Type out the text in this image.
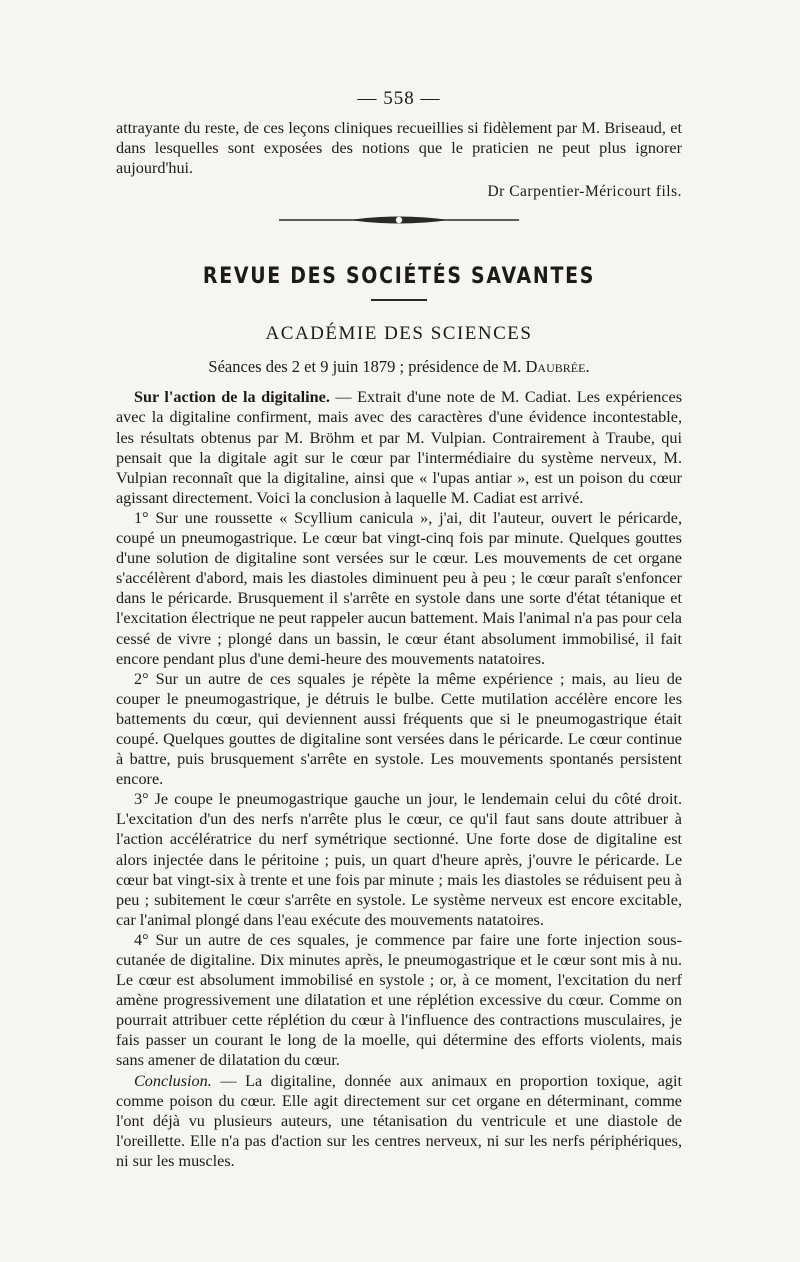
— 558 —

attrayante du reste, de ces leçons cliniques recueillies si fidèlement par M. Briseaud, et dans lesquelles sont exposées des notions que le praticien ne peut plus ignorer aujourd'hui.

Dr Carpentier-Méricourt fils.

REVUE DES SOCIÉTÉS SAVANTES
ACADÉMIE DES SCIENCES
Séances des 2 et 9 juin 1879 ; présidence de M. Daubrée.

Sur l'action de la digitaline. — Extrait d'une note de M. Cadiat. Les expériences avec la digitaline confirment, mais avec des caractères d'une évidence incontestable, les résultats obtenus par M. Bröhm et par M. Vulpian. Contrairement à Traube, qui pensait que la digitale agit sur le cœur par l'intermédiaire du système nerveux, M. Vulpian reconnaît que la digitaline, ainsi que « l'upas antiar », est un poison du cœur agissant directement. Voici la conclusion à laquelle M. Cadiat est arrivé.

1° Sur une roussette « Scyllium canicula », j'ai, dit l'auteur, ouvert le péricarde, coupé un pneumogastrique. Le cœur bat vingt-cinq fois par minute. Quelques gouttes d'une solution de digitaline sont versées sur le cœur. Les mouvements de cet organe s'accélèrent d'abord, mais les diastoles diminuent peu à peu ; le cœur paraît s'enfoncer dans le péricarde. Brusquement il s'arrête en systole dans une sorte d'état tétanique et l'excitation électrique ne peut rappeler aucun battement. Mais l'animal n'a pas pour cela cessé de vivre ; plongé dans un bassin, le cœur étant absolument immobilisé, il fait encore pendant plus d'une demi-heure des mouvements natatoires.

2° Sur un autre de ces squales je répète la même expérience ; mais, au lieu de couper le pneumogastrique, je détruis le bulbe. Cette mutilation accélère encore les battements du cœur, qui deviennent aussi fréquents que si le pneumogastrique était coupé. Quelques gouttes de digitaline sont versées dans le péricarde. Le cœur continue à battre, puis brusquement s'arrête en systole. Les mouvements spontanés persistent encore.

3° Je coupe le pneumogastrique gauche un jour, le lendemain celui du côté droit. L'excitation d'un des nerfs n'arrête plus le cœur, ce qu'il faut sans doute attribuer à l'action accélératrice du nerf symétrique sectionné. Une forte dose de digitaline est alors injectée dans le péritoine ; puis, un quart d'heure après, j'ouvre le péricarde. Le cœur bat vingt-six à trente et une fois par minute ; mais les diastoles se réduisent peu à peu ; subitement le cœur s'arrête en systole. Le système nerveux est encore excitable, car l'animal plongé dans l'eau exécute des mouvements natatoires.

4° Sur un autre de ces squales, je commence par faire une forte injection sous-cutanée de digitaline. Dix minutes après, le pneumogastrique et le cœur sont mis à nu. Le cœur est absolument immobilisé en systole ; or, à ce moment, l'excitation du nerf amène progressivement une dilatation et une réplétion excessive du cœur. Comme on pourrait attribuer cette réplétion du cœur à l'influence des contractions musculaires, je fais passer un courant le long de la moelle, qui détermine des efforts violents, mais sans amener de dilatation du cœur.

Conclusion. — La digitaline, donnée aux animaux en proportion toxique, agit comme poison du cœur. Elle agit directement sur cet organe en déterminant, comme l'ont déjà vu plusieurs auteurs, une tétanisation du ventricule et une diastole de l'oreillette. Elle n'a pas d'action sur les centres nerveux, ni sur les nerfs périphériques, ni sur les muscles.
